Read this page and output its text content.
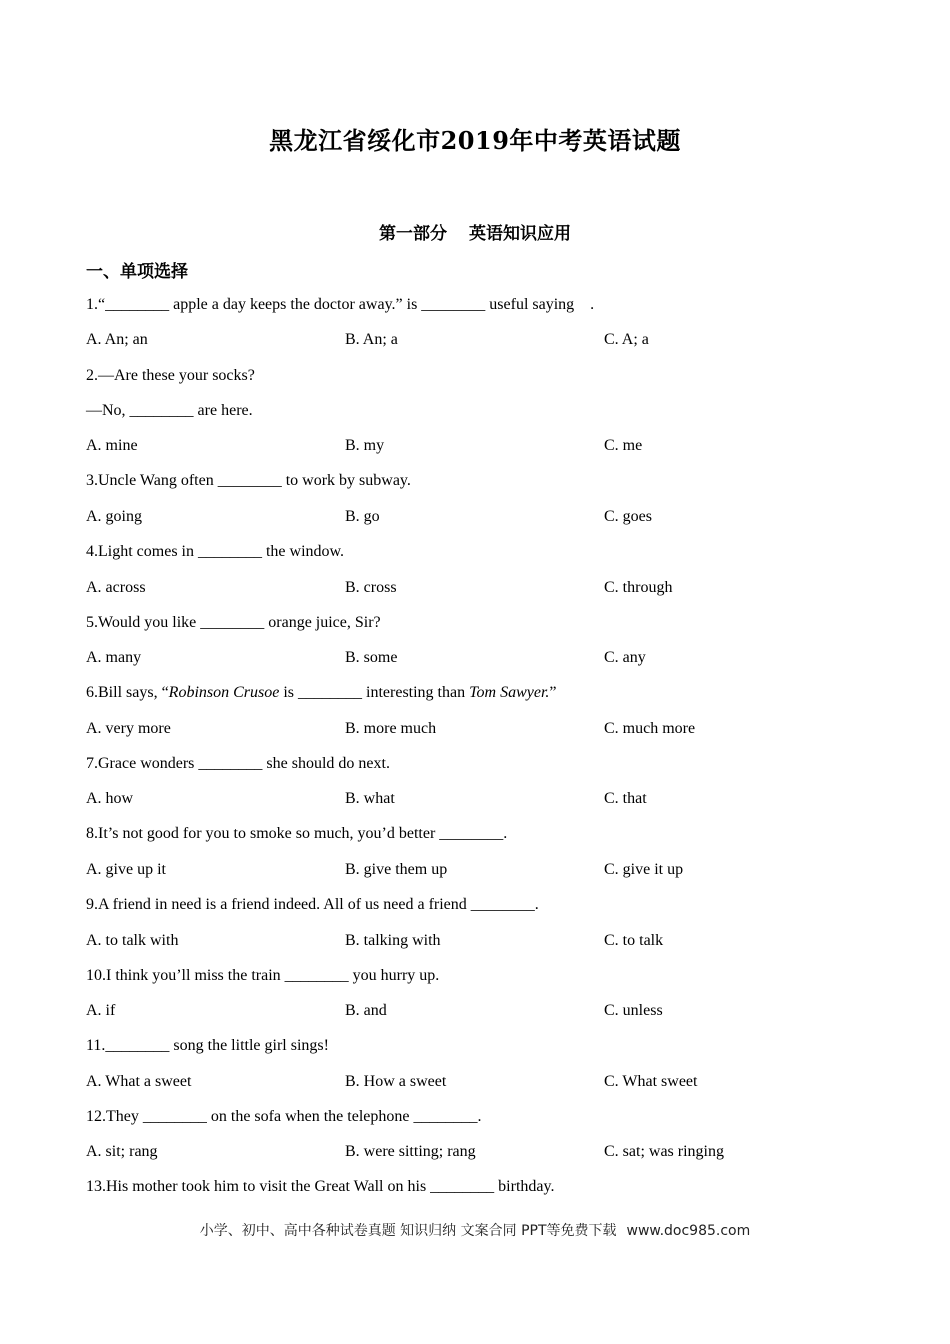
黑龙江省绥化市2019年中考英语试题
第一部分 英语知识应用
一、单项选择
1.“________ apple a day keeps the doctor away.” is ________ useful saying    .
A. An; an	B. An; a	C. A; a
2.—Are these your socks?
—No, ________ are here.
A. mine	B. my	C. me
3.Uncle Wang often ________ to work by subway.
A. going	B. go	C. goes
4.Light comes in ________ the window.
A. across	B. cross	C. through
5.Would you like ________ orange juice, Sir?
A. many	B. some	C. any
6.Bill says, “Robinson Crusoe is ________ interesting than Tom Sawyer.”
A. very more	B. more much	C. much more
7.Grace wonders ________ she should do next.
A. how	B. what	C. that
8.It’s not good for you to smoke so much, you’d better ________.
A. give up it	B. give them up	C. give it up
9.A friend in need is a friend indeed. All of us need a friend ________.
A. to talk with	B. talking with	C. to talk
10.I think you’ll miss the train ________ you hurry up.
A. if	B. and	C. unless
11.________ song the little girl sings!
A. What a sweet	B. How a sweet	C. What sweet
12.They ________ on the sofa when the telephone ________.
A. sit; rang	B. were sitting; rang	C. sat; was ringing
13.His mother took him to visit the Great Wall on his ________ birthday.
小学、初中、高中各种试卷真题 知识归纳 文案合同 PPT等免费下载 www.doc985.com
